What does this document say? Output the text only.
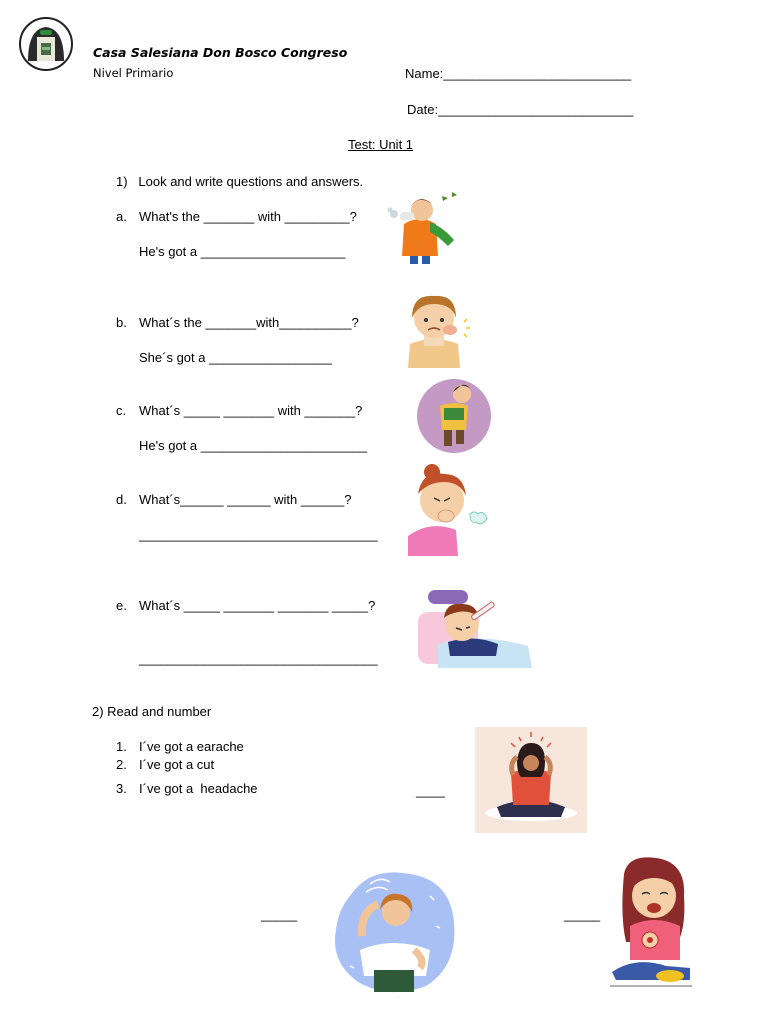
Casa Salesiana Don Bosco Congreso
Nivel Primario	Name:__________________________
Date:___________________________
Test: Unit 1
1)   Look and write questions and answers.
a. What's the _______ with _________?
He's got a ____________________
b. What´s the _______with__________?
She´s got a _________________
c. What´s _____ _______ with _______?
He's got a _______________________
d. What´s______ ______ with ______?
_________________________________
e. What´s _____ _______ _______ _____?
_________________________________
2) Read and number
1. I´ve got a earache
2. I´ve got a cut
3. I´ve got a  headache	____
_____	_____
